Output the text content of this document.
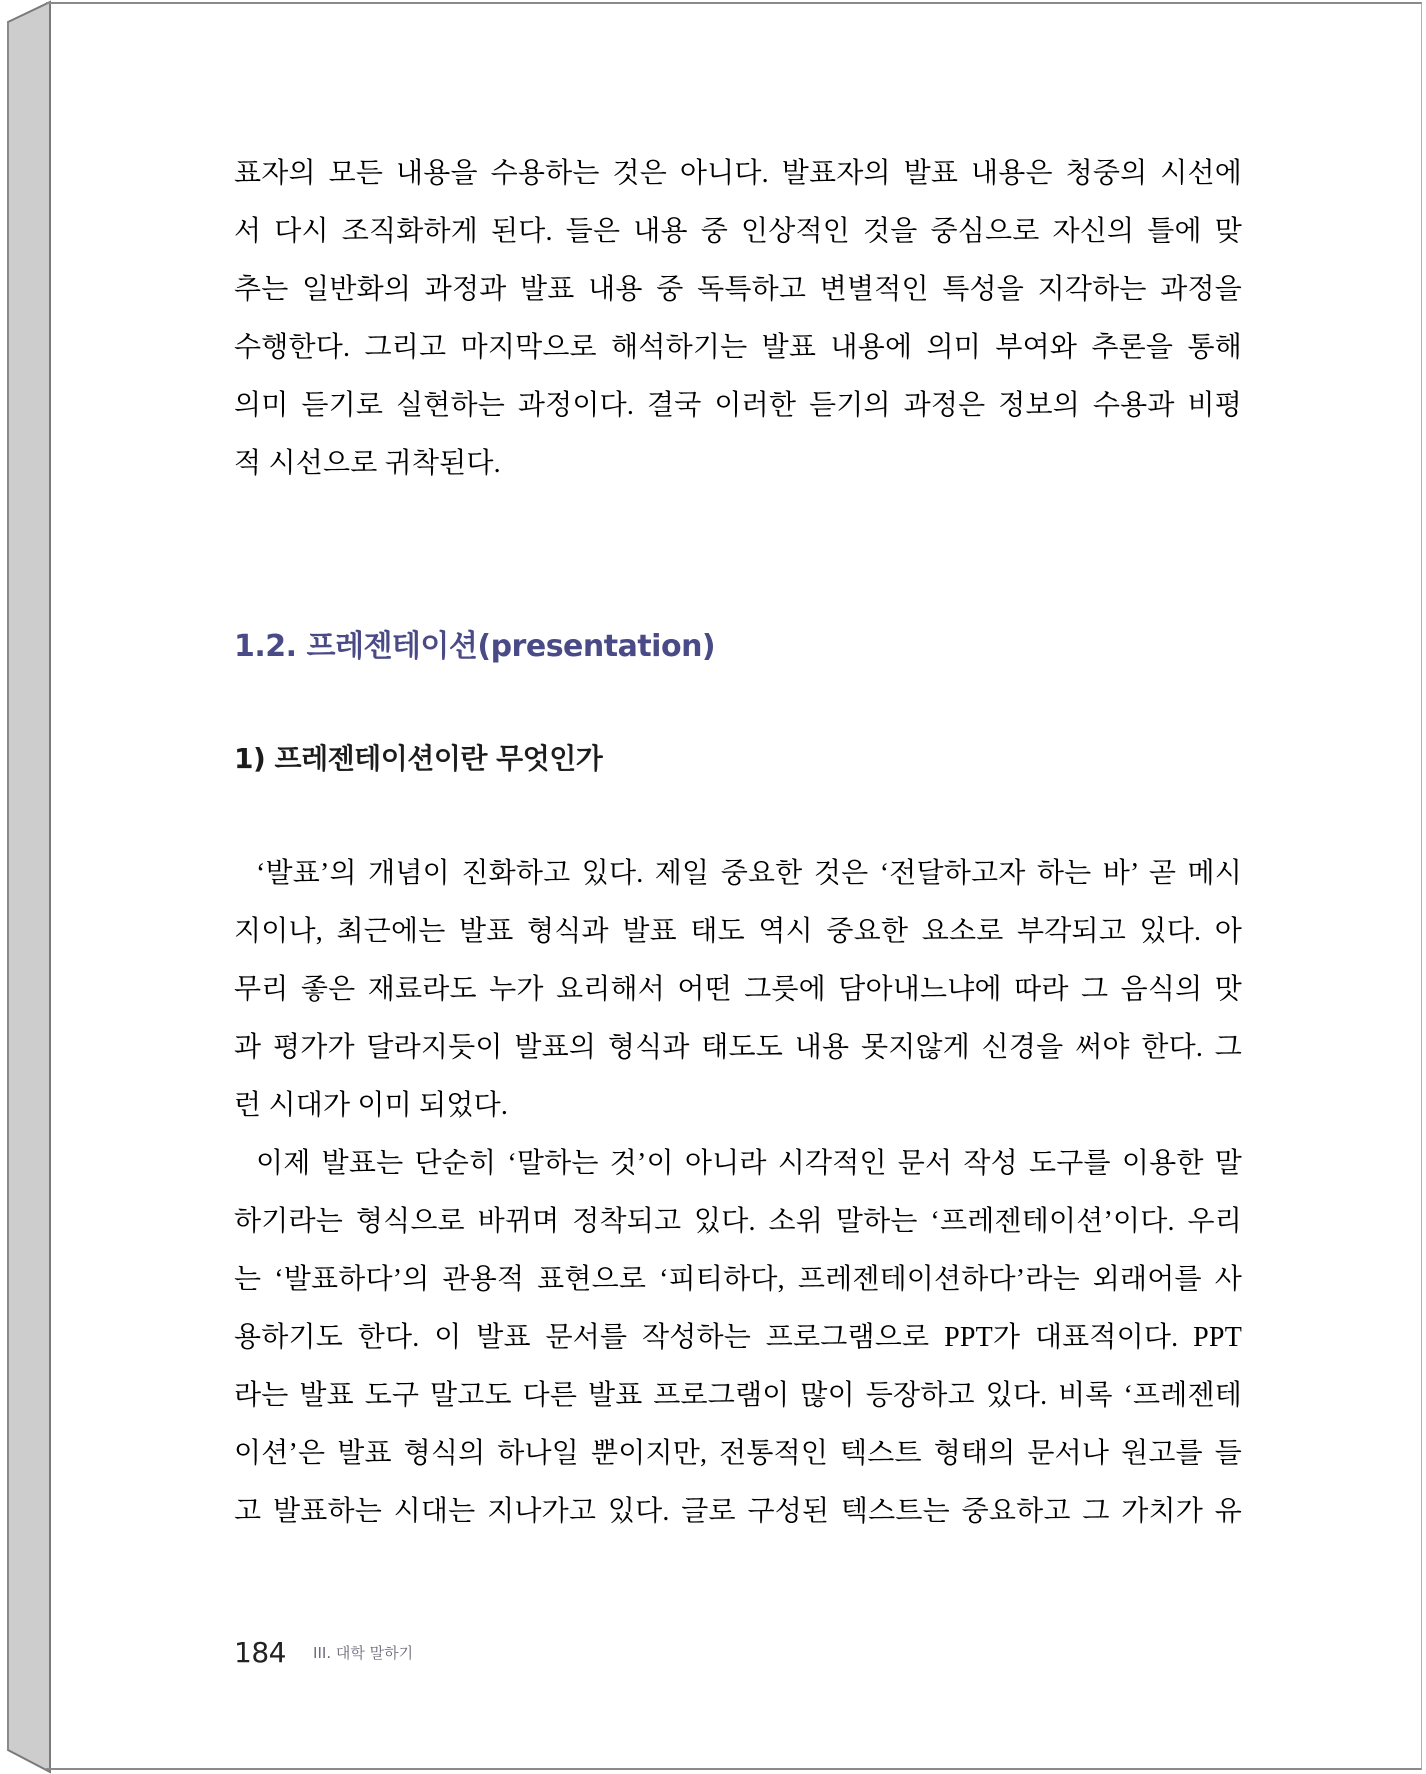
표자의 모든 내용을 수용하는 것은 아니다. 발표자의 발표 내용은 청중의 시선에
서 다시 조직화하게 된다. 들은 내용 중 인상적인 것을 중심으로 자신의 틀에 맞
추는 일반화의 과정과 발표 내용 중 독특하고 변별적인 특성을 지각하는 과정을
수행한다. 그리고 마지막으로 해석하기는 발표 내용에 의미 부여와 추론을 통해
의미 듣기로 실현하는 과정이다. 결국 이러한 듣기의 과정은 정보의 수용과 비평
적 시선으로 귀착된다.

1.2. 프레젠테이션(presentation)
1) 프레젠테이션이란 무엇인가

‘발표’의 개념이 진화하고 있다. 제일 중요한 것은 ‘전달하고자 하는 바’ 곧 메시
지이나, 최근에는 발표 형식과 발표 태도 역시 중요한 요소로 부각되고 있다. 아
무리 좋은 재료라도 누가 요리해서 어떤 그릇에 담아내느냐에 따라 그 음식의 맛
과 평가가 달라지듯이 발표의 형식과 태도도 내용 못지않게 신경을 써야 한다. 그
런 시대가 이미 되었다.

이제 발표는 단순히 ‘말하는 것’이 아니라 시각적인 문서 작성 도구를 이용한 말
하기라는 형식으로 바뀌며 정착되고 있다. 소위 말하는 ‘프레젠테이션’이다. 우리
는 ‘발표하다’의 관용적 표현으로 ‘피티하다, 프레젠테이션하다’라는 외래어를 사
용하기도 한다. 이 발표 문서를 작성하는 프로그램으로 PPT가 대표적이다. PPT
라는 발표 도구 말고도 다른 발표 프로그램이 많이 등장하고 있다. 비록 ‘프레젠테
이션’은 발표 형식의 하나일 뿐이지만, 전통적인 텍스트 형태의 문서나 원고를 들
고 발표하는 시대는 지나가고 있다. 글로 구성된 텍스트는 중요하고 그 가치가 유

184 III. 대학 말하기
